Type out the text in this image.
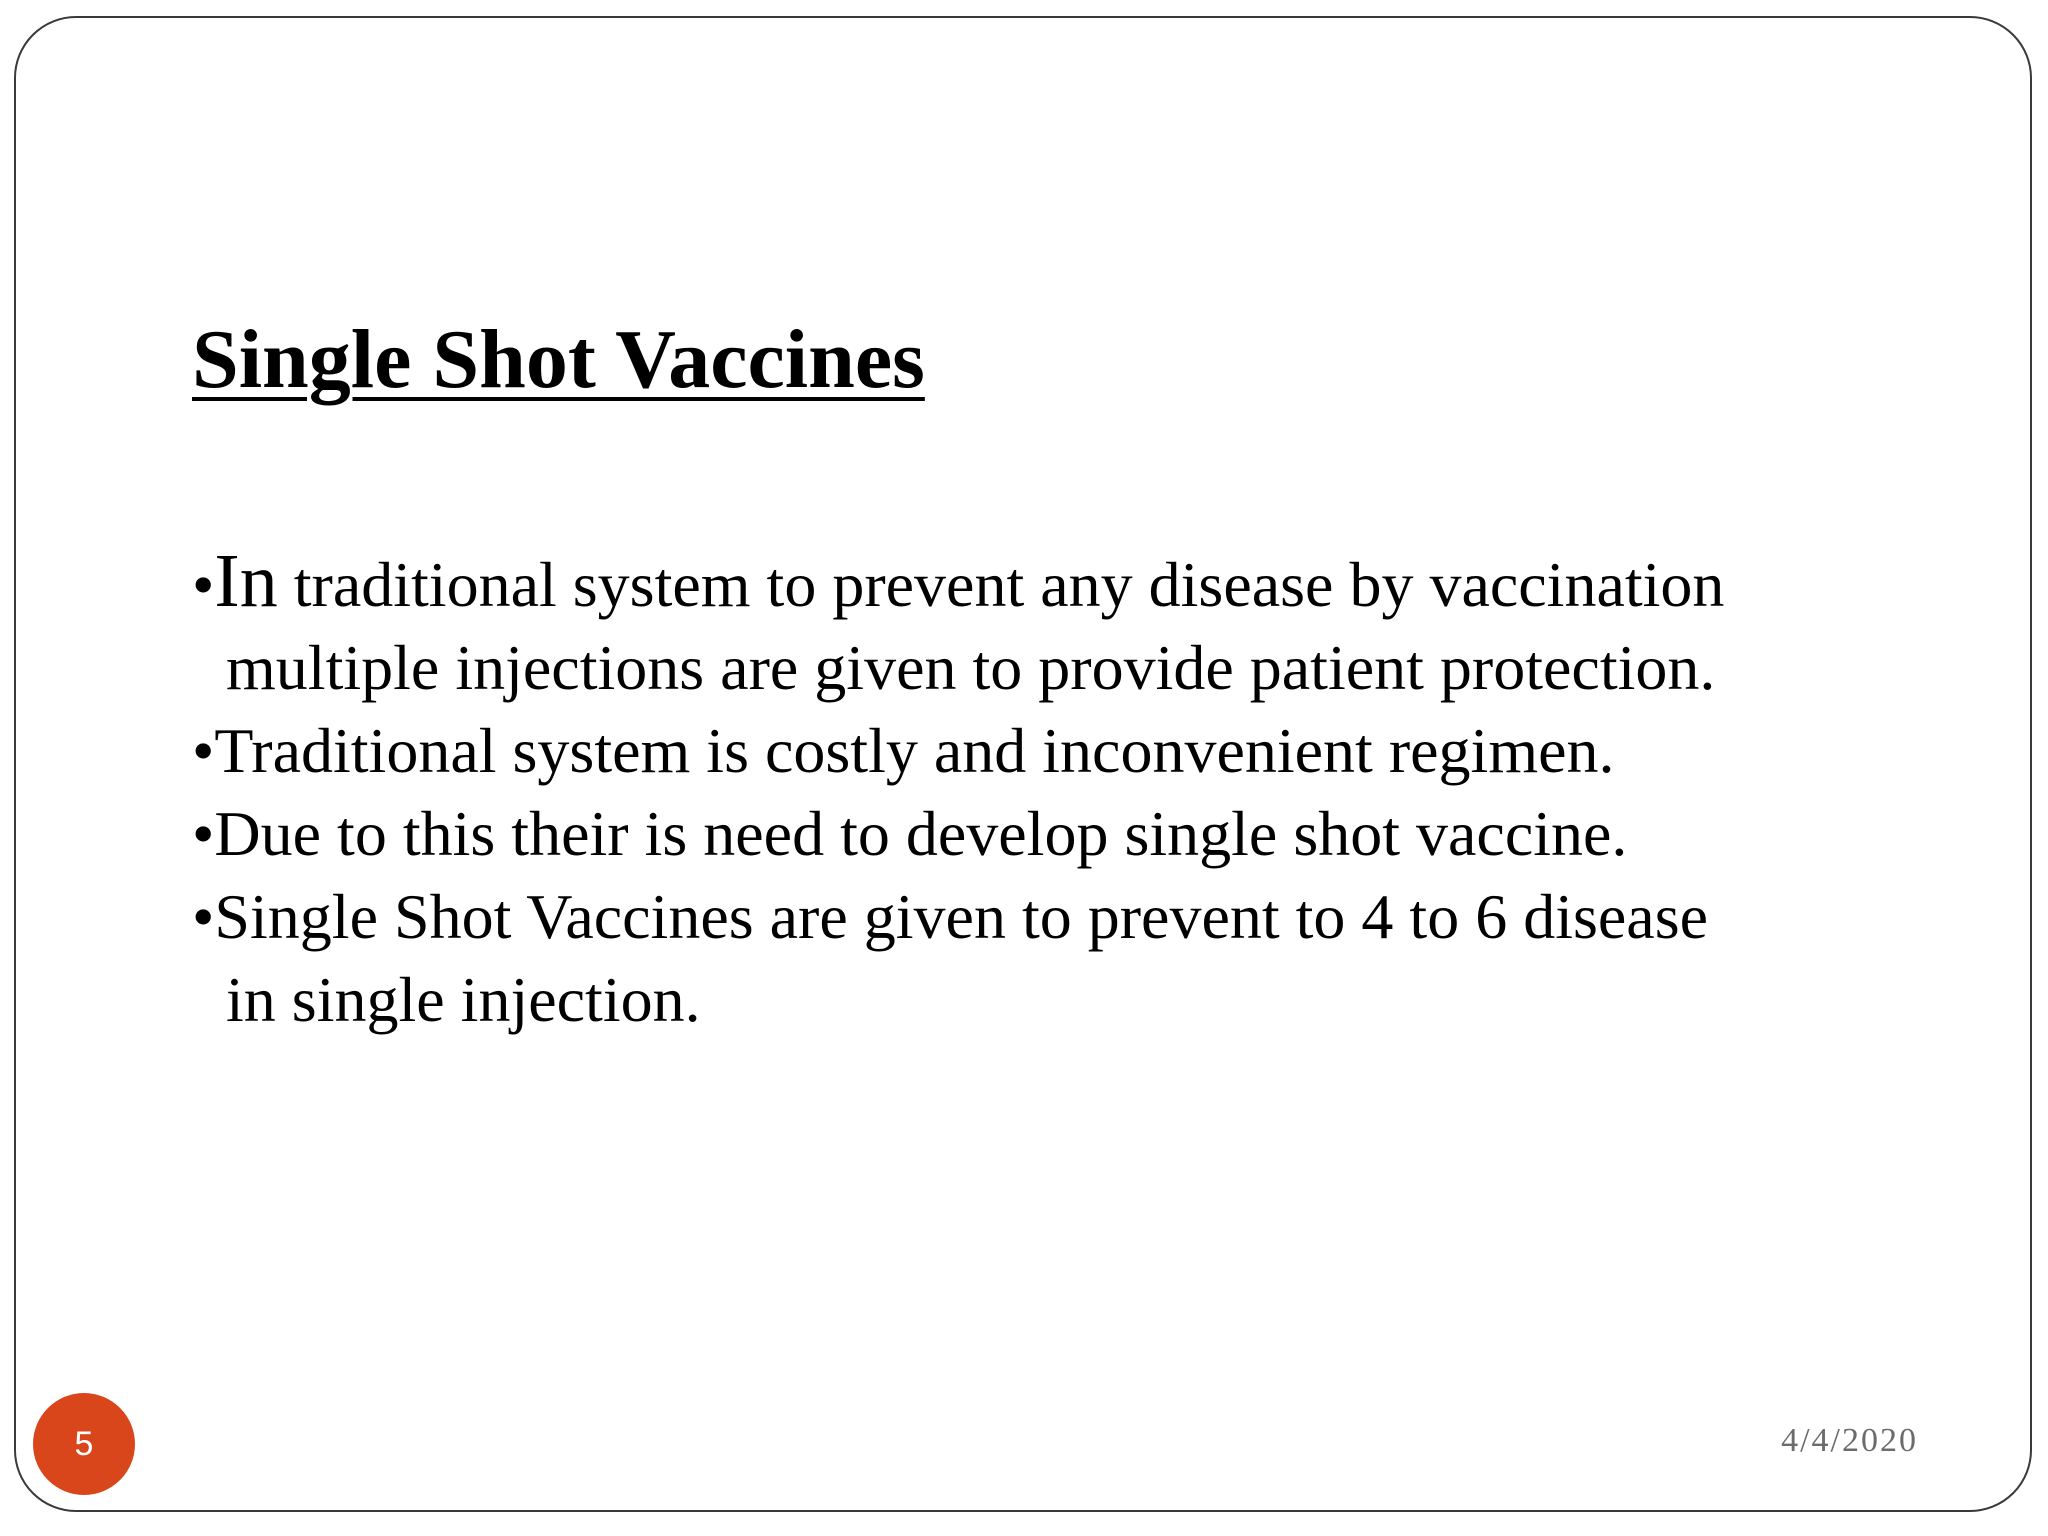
Single Shot Vaccines
•In traditional system to prevent any disease by vaccination
multiple injections are given to provide patient protection.
•Traditional system is costly and inconvenient regimen.
•Due to this their is need to develop single shot vaccine.
•Single Shot Vaccines are given to prevent to 4 to 6 disease
in single injection.
5	4/4/2020
